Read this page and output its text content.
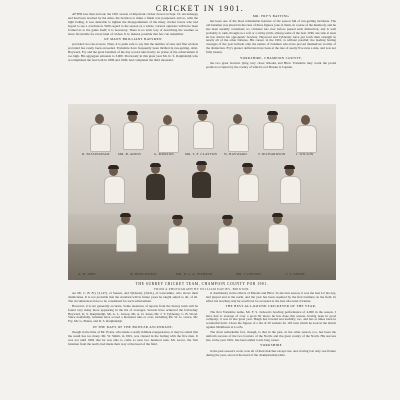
CRICKET IN 1901.

AFTER less than an hour, the 1901 season of important cricket closed on Sept. 10. An unhappy end had been reached by the sides, the decision to make a finish was postponed, and so, with the light fading, it was desirable to lighten the disappointment of the many cricket lovers who had hoped to see a conclusion. With regard to the season as a whole, various opinions will have been formed as to the game itself; it is necessary. There is no such way of describing the weather as more favourable for every kind of cricket. It is, indeed, possible that few can remember.

OF MANY BRILLIANT BATSMEN

provided two run-scorers. Then, it is quite safe to say that the number of runs and fine wickets provided has rarely been exceeded. Yorkshire have frequently been thrilled in run-getting. Abel, Hayward, Fry and the great batsmen of the day scored runs freely; no praise of the achievement is too high. His aggregate amounts to 3,000. Previously in this great year Mr. K. S. Ranjitsinhji who accomplished the feat both in 1899 and 1900, had completed the third thousand.

MR. FRY'S BATTING

has been one of the most remarkable features of the season full of run-getting incidents. The old batsman was placed in the runs of three figures (one of them, in course of the hundred), and he has been steadily consistent; no cricketer has ever before passed such distinction, and is well probably to rank, though on a soft or a sticky pitch, among some of the best. With one side at least he has driven his opponents' bowlers. Hayward and Tyldesley have put forth their strength in nearly all of the other fixtures. His career, in the 1901, is without parallel; the leading batting averages of the year include only the names of batsmen who have proved themselves worthy of the distinction. Fry's greater deliveries have been at the rate of nearly five runs a side, and was not fully beaten.

YORKSHIRE, CHAMPION COUNTY,

the two great bowlers lying very close: Rhodes and Hirst. Yorkshire may count the proud position occupied by the county of which Lord Hawke is Captain.

R. PASSINGHAM	MR. B. ADDIS	G. MORTON	MR. T. F. CLAYTON W. HAYWARD	T. RICHARDSON	J. WILSON
A. H. ABEL	W. BROCKWELL	MR. D. L. A. JEPHSON	MR. J. LEESON	J. T. SMITH
THE SURREY CRICKET TEAM, CHAMPION COUNTY FOR 1901.
FROM A PHOTOGRAPH BY WILLIAM DAVIES, BRIXTON.

are Mr. C. B. Fry (3,147), of Sussex, and Tyldesley (3,041), of Lancashire, who above their distinctions. It is not probable that the standard will in future years be taught suited to all, of all. The circumstances have to be considered for each achievement.

However, it is not generally accurate. Some instances of reports from the Surrey team will be found very many more appearing in the list of averages. Several have achieved the following: Hayward, K. S. Ranjitsinhji, Mr. G. L. Jessop, Mr. A. O. Jones, Mr. J. T. Tyldesley, C. B. Wood. Since doubtfully, batsmen have scored a thousand runs or over, including Mr. W. G. Grace, Mr. Fry, Mr. G. Brann, and R. S. Ranjitsinhji.

IN THE DAYS OF THE BOWLER ASCENDANT,

though in the time of Mr. Evans, who made a really brilliant reappearance, it may be stated that the result has too many. Mr. W. Smith, in 1901, was classed in the batting with the five men. It was not until 1892 that he was able to come so near two hundred runs. Mr. Grace, the first batsmen from the north, had made their way at the head of the field.

is doubtlessly in the effects of Rhodes and Hirst. To the best season, it was the best for his day, had played and at the north, and the year has been required by the first batsmen on the field. In effect his bowling only he would not be accepted as the best all-round cricketer.

THE BEST ALL-ROUND CRICKETER OF THE YEAR.

The first Yorkshire name, Mr. F. S. Jackson's bowling performance of 4,000 in the season. I have had to average of over a good bit more; he has done this season, having been in good company; it was in late great year. Haigh has bowled successfully; too, and has at times been in wonderful form. I have the figures of a list of 29 wickets for 163 runs which he took in the match against Middlesex at Lord's.

The most remarkable fact, though, is that in the past, in the other season, too, has been the uniform success of the two bowlers of the North, and the great county of the North. His success has, in the year 1901, has been added to his long career.

YORKSHIRE

in the past season's work, won all of their matches except one, and, having lost only one fixture during the year, stood at the head of the championship table.
